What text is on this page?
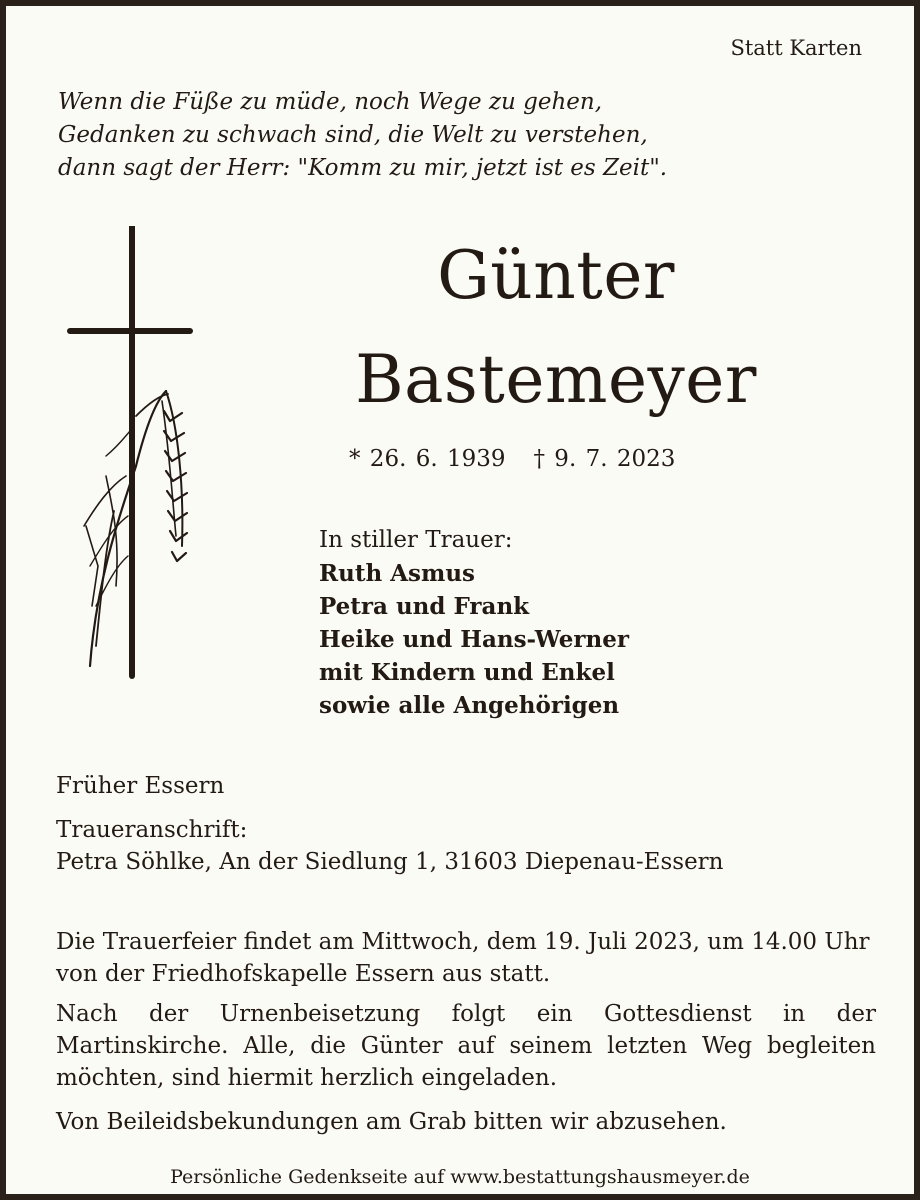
Statt Karten

Wenn die Füße zu müde, noch Wege zu gehen,
Gedanken zu schwach sind, die Welt zu verstehen,
dann sagt der Herr: "Komm zu mir, jetzt ist es Zeit".

Günter

Bastemeyer

* 26. 6. 1939 † 9. 7. 2023

In stiller Trauer:
Ruth Asmus
Petra und Frank
Heike und Hans-Werner
mit Kindern und Enkel
sowie alle Angehörigen

Früher Essern

Traueranschrift:
Petra Söhlke, An der Siedlung 1, 31603 Diepenau-Essern

Die Trauerfeier findet am Mittwoch, dem 19. Juli 2023, um 14.00 Uhr von der Friedhofskapelle Essern aus statt.

Nach der Urnenbeisetzung folgt ein Gottesdienst in der Martinskirche. Alle, die Günter auf seinem letzten Weg begleiten möchten, sind hiermit herzlich eingeladen.

Von Beileidsbekundungen am Grab bitten wir abzusehen.

Persönliche Gedenkseite auf www.bestattungshausmeyer.de
